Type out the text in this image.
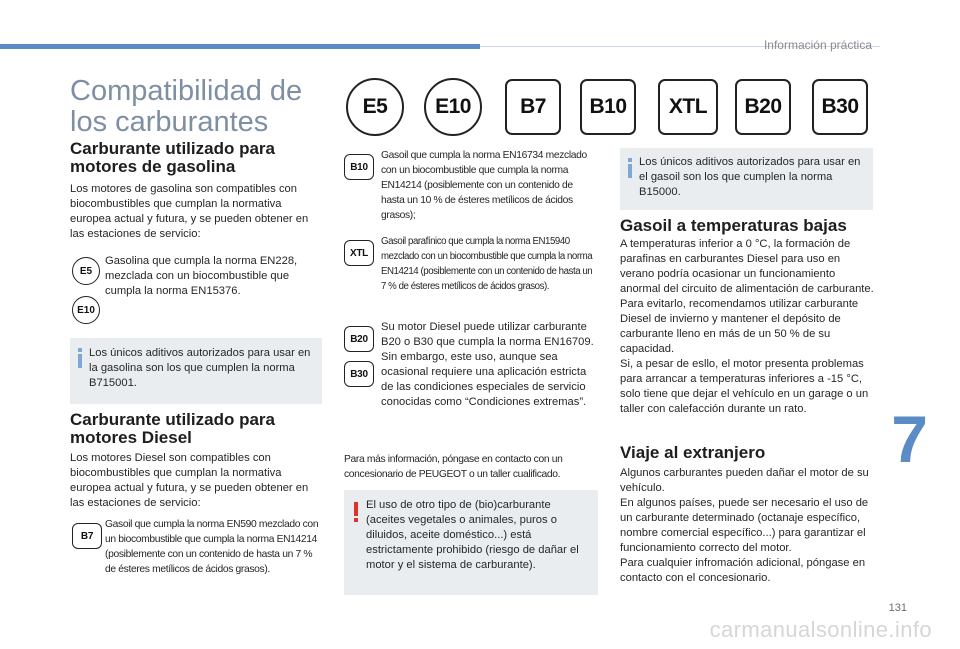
Información práctica
Compatibilidad de los carburantes	E5	E10	B7	B10	XTL	B20	B30
Carburante utilizado para motores de gasolina
Los motores de gasolina son compatibles con biocombustibles que cumplan la normativa europea actual y futura, y se pueden obtener en las estaciones de servicio:
E5
E10
Gasolina que cumpla la norma EN228, mezclada con un biocombustible que cumpla la norma EN15376.
Los únicos aditivos autorizados para usar en la gasolina son los que cumplen la norma B715001.
Carburante utilizado para motores Diesel
Los motores Diesel son compatibles con biocombustibles que cumplan la normativa europea actual y futura, y se pueden obtener en las estaciones de servicio:
B7
Gasoil que cumpla la norma EN590 mezclado con un biocombustible que cumpla la norma EN14214 (posiblemente con un contenido de hasta un 7 % de ésteres metílicos de ácidos grasos).
B10
Gasoil que cumpla la norma EN16734 mezclado con un biocombustible que cumpla la norma EN14214 (posiblemente con un contenido de hasta un 10 % de ésteres metílicos de ácidos grasos);
XTL
Gasoil parafínico que cumpla la norma EN15940 mezclado con un biocombustible que cumpla la norma EN14214 (posiblemente con un contenido de hasta un 7 % de ésteres metílicos de ácidos grasos).
B20
B30
Su motor Diesel puede utilizar carburante B20 o B30 que cumpla la norma EN16709. Sin embargo, este uso, aunque sea ocasional requiere una aplicación estricta de las condiciones especiales de servicio conocidas como “Condiciones extremas”.
Para más información, póngase en contacto con un concesionario de PEUGEOT o un taller cualificado.
El uso de otro tipo de (bio)carburante (aceites vegetales o animales, puros o diluidos, aceite doméstico...) está estrictamente prohibido (riesgo de dañar el motor y el sistema de carburante).
Los únicos aditivos autorizados para usar en el gasoil son los que cumplen la norma B15000.
Gasoil a temperaturas bajas
A temperaturas inferior a 0 °C, la formación de parafinas en carburantes Diesel para uso en verano podría ocasionar un funcionamiento anormal del circuito de alimentación de carburante. Para evitarlo, recomendamos utilizar carburante Diesel de invierno y mantener el depósito de carburante lleno en más de un 50 % de su capacidad.
Si, a pesar de esllo, el motor presenta problemas para arrancar a temperaturas inferiores a -15 °C, solo tiene que dejar el vehículo en un garage o un taller con calefacción durante un rato.
Viaje al extranjero
Algunos carburantes pueden dañar el motor de su vehículo.
En algunos países, puede ser necesario el uso de un carburante determinado (octanaje específico, nombre comercial específico...) para garantizar el funcionamiento correcto del motor.
Para cualquier infromación adicional, póngase en contacto con el concesionario.
7
131
carmanualsonline.info
